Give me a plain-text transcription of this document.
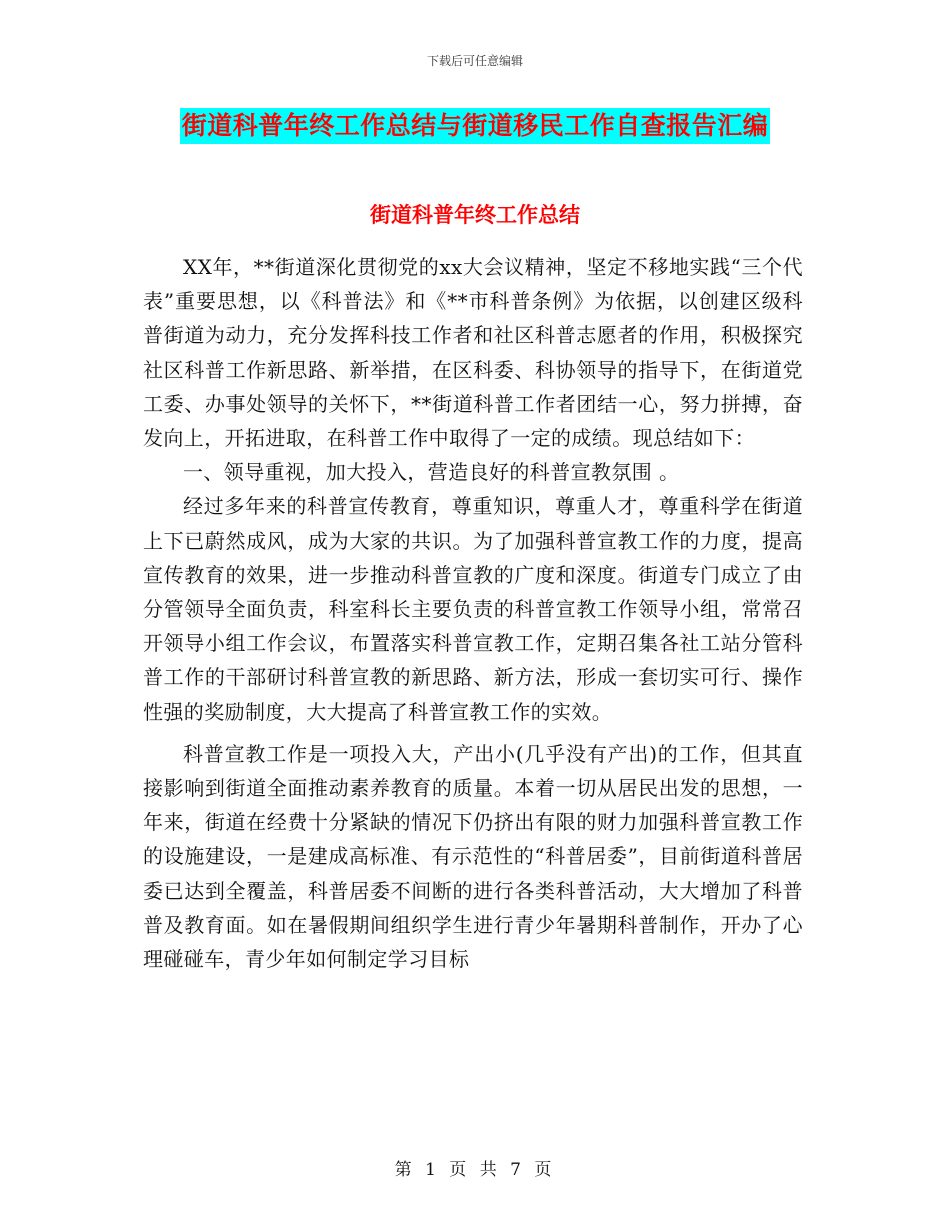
下载后可任意编辑
街道科普年终工作总结与街道移民工作自查报告汇编
街道科普年终工作总结

XX年，**街道深化贯彻党的xx大会议精神，坚定不移地实践“三个代表”重要思想，以《科普法》和《**市科普条例》为依据，以创建区级科普街道为动力，充分发挥科技工作者和社区科普志愿者的作用，积极探究社区科普工作新思路、新举措，在区科委、科协领导的指导下，在街道党工委、办事处领导的关怀下，**街道科普工作者团结一心，努力拼搏，奋发向上，开拓进取，在科普工作中取得了一定的成绩。现总结如下：

一、领导重视，加大投入，营造良好的科普宣教氛围 。

经过多年来的科普宣传教育，尊重知识，尊重人才，尊重科学在街道上下已蔚然成风，成为大家的共识。为了加强科普宣教工作的力度，提高宣传教育的效果，进一步推动科普宣教的广度和深度。街道专门成立了由分管领导全面负责，科室科长主要负责的科普宣教工作领导小组，常常召开领导小组工作会议，布置落实科普宣教工作，定期召集各社工站分管科普工作的干部研讨科普宣教的新思路、新方法，形成一套切实可行、操作性强的奖励制度，大大提高了科普宣教工作的实效。

科普宣教工作是一项投入大，产出小(几乎没有产出)的工作，但其直接影响到街道全面推动素养教育的质量。本着一切从居民出发的思想，一年来，街道在经费十分紧缺的情况下仍挤出有限的财力加强科普宣教工作的设施建设，一是建成高标准、有示范性的“科普居委”，目前街道科普居委已达到全覆盖，科普居委不间断的进行各类科普活动，大大增加了科普普及教育面。如在暑假期间组织学生进行青少年暑期科普制作，开办了心理碰碰车，青少年如何制定学习目标

第 1 页 共 7 页
